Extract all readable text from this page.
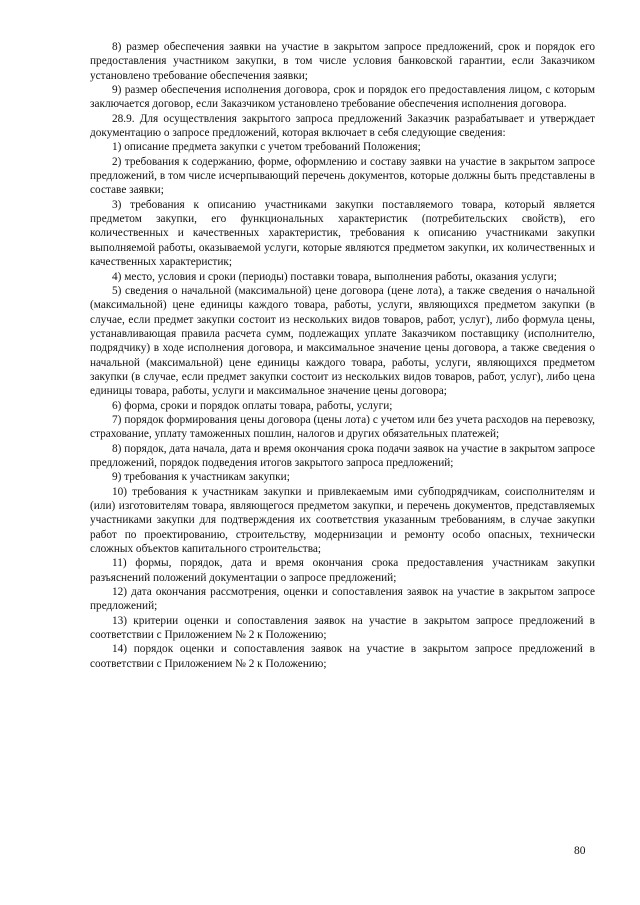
8) размер обеспечения заявки на участие в закрытом запросе предложений, срок и порядок его предоставления участником закупки, в том числе условия банковской гарантии, если Заказчиком установлено требование обеспечения заявки;

9) размер обеспечения исполнения договора, срок и порядок его предоставления лицом, с которым заключается договор, если Заказчиком установлено требование обеспечения исполнения договора.

28.9. Для осуществления закрытого запроса предложений Заказчик разрабатывает и утверждает документацию о запросе предложений, которая включает в себя следующие сведения:

1) описание предмета закупки с учетом требований Положения;

2) требования к содержанию, форме, оформлению и составу заявки на участие в закрытом запросе предложений, в том числе исчерпывающий перечень документов, которые должны быть представлены в составе заявки;

3) требования к описанию участниками закупки поставляемого товара, который является предметом закупки, его функциональных характеристик (потребительских свойств), его количественных и качественных характеристик, требования к описанию участниками закупки выполняемой работы, оказываемой услуги, которые являются предметом закупки, их количественных и качественных характеристик;

4) место, условия и сроки (периоды) поставки товара, выполнения работы, оказания услуги;

5) сведения о начальной (максимальной) цене договора (цене лота), а также сведения о начальной (максимальной) цене единицы каждого товара, работы, услуги, являющихся предметом закупки (в случае, если предмет закупки состоит из нескольких видов товаров, работ, услуг), либо формула цены, устанавливающая правила расчета сумм, подлежащих уплате Заказчиком поставщику (исполнителю, подрядчику) в ходе исполнения договора, и максимальное значение цены договора, а также сведения о начальной (максимальной) цене единицы каждого товара, работы, услуги, являющихся предметом закупки (в случае, если предмет закупки состоит из нескольких видов товаров, работ, услуг), либо цена единицы товара, работы, услуги и максимальное значение цены договора;

6) форма, сроки и порядок оплаты товара, работы, услуги;

7) порядок формирования цены договора (цены лота) с учетом или без учета расходов на перевозку, страхование, уплату таможенных пошлин, налогов и других обязательных платежей;

8) порядок, дата начала, дата и время окончания срока подачи заявок на участие в закрытом запросе предложений, порядок подведения итогов закрытого запроса предложений;

9) требования к участникам закупки;

10) требования к участникам закупки и привлекаемым ими субподрядчикам, соисполнителям и (или) изготовителям товара, являющегося предметом закупки, и перечень документов, представляемых участниками закупки для подтверждения их соответствия указанным требованиям, в случае закупки работ по проектированию, строительству, модернизации и ремонту особо опасных, технически сложных объектов капитального строительства;

11) формы, порядок, дата и время окончания срока предоставления участникам закупки разъяснений положений документации о запросе предложений;

12) дата окончания рассмотрения, оценки и сопоставления заявок на участие в закрытом запросе предложений;

13) критерии оценки и сопоставления заявок на участие в закрытом запросе предложений в соответствии с Приложением № 2 к Положению;

14) порядок оценки и сопоставления заявок на участие в закрытом запросе предложений в соответствии с Приложением № 2 к Положению;

80
